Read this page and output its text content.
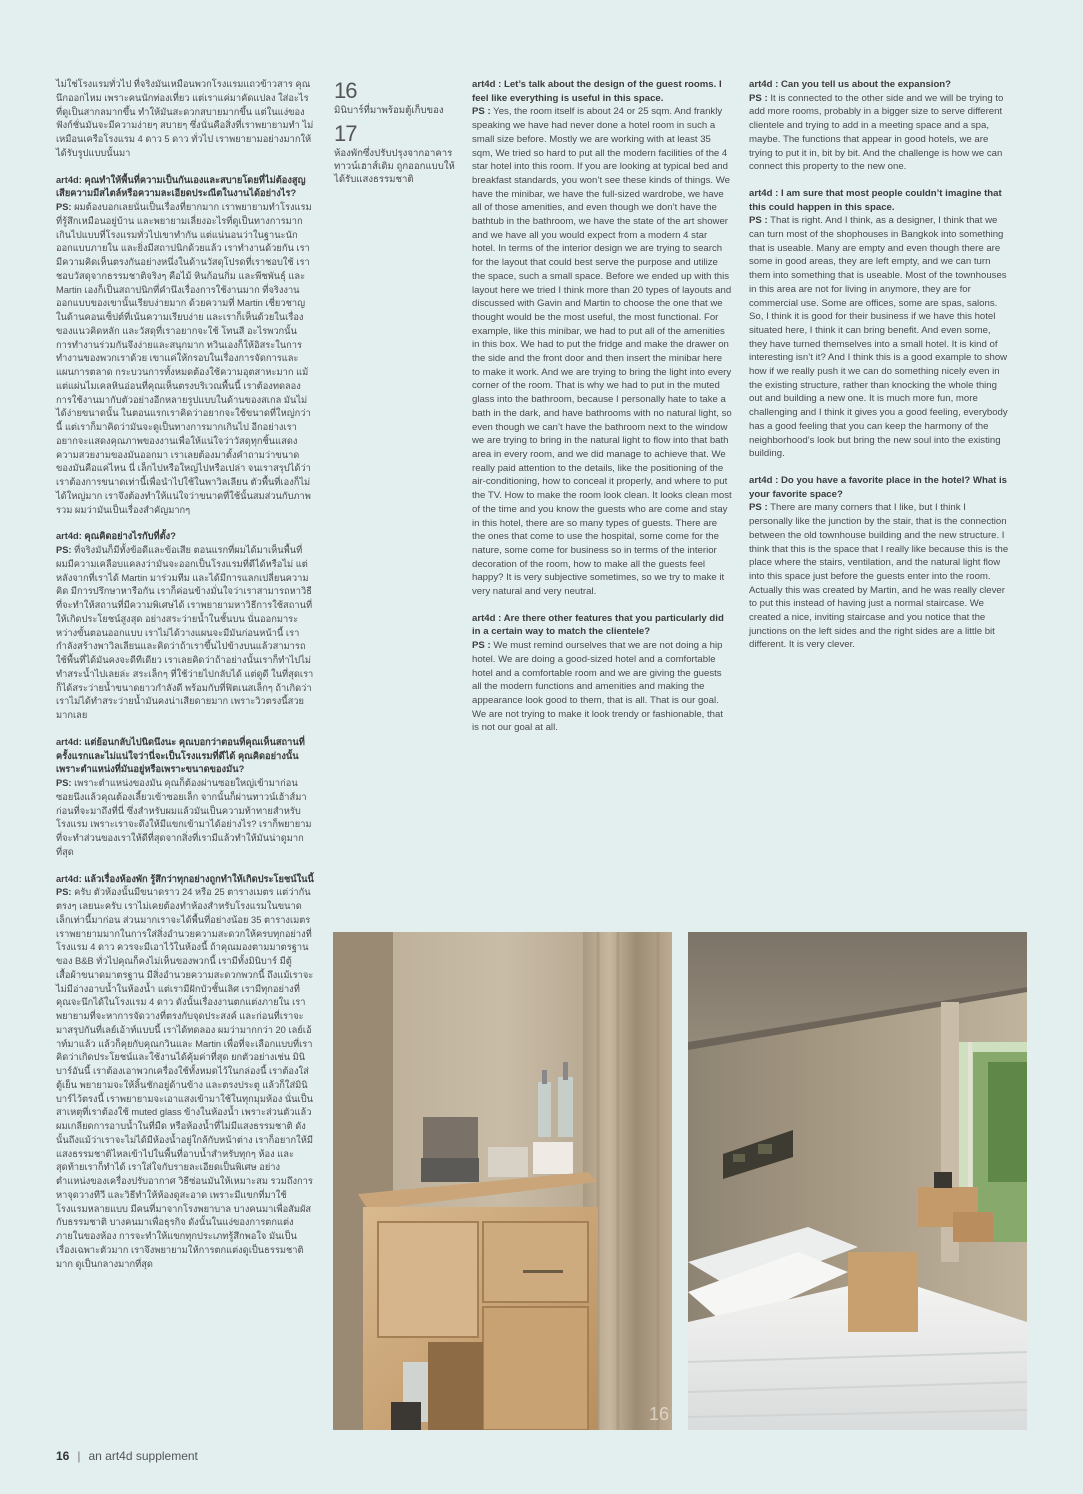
ไม่ใช่โรงแรมทั่วไป ที่จริงมันเหมือนพวกโรงแรมแถวข้าวสาร คุณนึกออกไหม เพราะคนนักท่องเที่ยว แต่เราแค่มาคัดแปลง ใส่อะไรที่ดูเป็นสากลมากขึ้น ทำให้มันสะดวกสบายมากขึ้น แต่ในแง่ของฟังก์ชั่นมันจะมีความง่ายๆ สบายๆ ซึ่งนั่นคือสิ่งที่เราพยายามทำ ไม่เหมือนเครือโรงแรม 4 ดาว 5 ดาว ทั่วไป เราพยายามอย่างมากให้ได้รับรูปแบบนั้นมา

art4d: คุณทำให้พื้นที่ความเป็นกันเองและสบายโดยที่ไม่ต้องสูญเสียความมีสไตล์หรือความละเอียดประณีตในงานได้อย่างไร?
PS: ผมต้องบอกเลยนั่นเป็นเรื่องที่ยากมาก เราพยายามทำโรงแรมที่รู้สึกเหมือนอยู่บ้าน และพยายามเลี่ยงอะไรที่ดูเป็นทางการมากเกินไปแบบที่โรงแรมทั่วไปเขาทำกัน แต่แน่นอนว่าในฐานะนักออกแบบภายใน และยิ่งมีสถาปนิกด้วยแล้ว เราทำงานด้วยกัน เรามีความคิดเห็นตรงกันอย่างหนึ่งในด้านวัสดุโปรดที่เราชอบใช้ เราชอบวัสดุจากธรรมชาติจริงๆ คือไม้ หินก้อนกิ่ม และพีชพันธุ์ และ Martin เองก็เป็นสถาปนิกที่คำนึงเรื่องการใช้งานมาก ที่จริงงานออกแบบของเขานั้นเรียบง่ายมาก ด้วยความที่ Martin เชี่ยวชาญในด้านคอนเซ็ปต์ที่เน้นความเรียบง่าย และเราก็เห็นด้วยในเรื่องของแนวคิดหลัก และวัสดุที่เราอยากจะใช้ โทนสี อะไรพวกนั้น การทำงานร่วมกันจึงง่ายและสนุกมาก ทวินเองก็ให้อิสระในการทำงานของพวกเราด้วย เขาแค่ให้กรอบในเรื่องการจัดการและแผนการตลาด กระบวนการทั้งหมดต้องใช้ความอุตสาหะมาก แม้แต่แผ่นไมเคลหินอ่อนที่คุณเห็นตรงบริเวณพื้นนี้ เราต้องทดลองการใช้งานมากับตัวอย่างอีกหลายรูปแบบในด้านของสเกล มันไม่ได้ง่ายขนาดนั้น ในตอนแรกเราคิดว่าอยากจะใช้ขนาดที่ใหญ่กว่านี้ แต่เราก็มาคิดว่ามันจะดูเป็นทางการมากเกินไป อีกอย่างเราอยากจะแสดงคุณภาพของงานเพื่อให้แน่ใจว่าวัสดุทุกชิ้นแสดงความสวยงามของมันออกมา เราเลยต้องมาตั้งคำถามว่าขนาดของมันคือแค่ไหน นี่ เล็กไปหรือใหญ่ไปหรือเปล่า จนเราสรุปได้ว่าเราต้องการขนาดเท่านี้เพื่อนำไปใช้ในพาวิลเลียน ตัวพื้นที่เองก็ไม่ได้ใหญ่มาก เราจึงต้องทำให้แน่ใจว่าขนาดที่ใช้นั้นสมส่วนกับภาพรวม ผมว่ามันเป็นเรื่องสำคัญมากๆ

art4d: คุณคิดอย่างไรกับที่ตั้ง?
PS: ที่จริงมันก็มีทั้งข้อดีและข้อเสีย ตอนแรกที่ผมได้มาเห็นพื้นที่ ผมมีความเคลือบแคลงว่ามันจะออกเป็นโรงแรมที่ดีได้หรือไม่ แต่หลังจากที่เราได้ Martin มาร่วมทีม และได้มีการแลกเปลี่ยนความคิด มีการปรึกษาหารือกัน เราก็ค่อนข้างมั่นใจว่าเราสามารถหาวิธีที่จะทำให้สถานที่มีความพิเศษได้ เราพยายามหาวิธีการใช้สถานที่ให้เกิดประโยชน์สูงสุด อย่างสระว่ายน้ำในชั้นบน นั่นออกมาระหว่างขั้นตอนออกแบบ เราไม่ได้วางแผนจะมีมันก่อนหน้านี้ เรากำลังสร้างพาวิลเลียนและคิดว่าถ้าเราขึ้นไปข้างบนแล้วสามารถใช้พื้นที่ได้มันคงจะดีทีเดียว เราเลยคิดว่าถ้าอย่างนั้นเราก็ทำไปไม่ทำสระน้ำไปเลยล่ะ สระเล็กๆ ที่ใช้ว่ายไปกลับได้ แต่ดูดี ในที่สุดเราก็ได้สระว่ายน้ำขนาดยาวกำลังดี พร้อมกับที่ฟิตเนสเล็กๆ ถ้าเกิดว่าเราไม่ได้ทำสระว่ายน้ำมันคงน่าเสียดายมาก เพราะวิวตรงนี้สวยมากเลย

art4d: แต่ย้อนกลับไปนิดนึงนะ คุณบอกว่าตอนที่คุณเห็นสถานที่ครั้งแรกและไม่แน่ใจว่านี่จะเป็นโรงแรมที่ดีได้ คุณคิดอย่างนั้นเพราะตำแหน่งที่มันอยู่หรือเพราะขนาดของมัน?
PS: เพราะตำแหน่งของมัน คุณก็ต้องผ่านซอยใหญ่เข้ามาก่อน ซอยนึงแล้วคุณต้องเลี้ยวเข้าซอยเล็ก จากนั้นก็ผ่านทาวน์เฮ้าส์มาก่อนที่จะมาถึงที่นี่ ซึ่งสำหรับผมแล้วมันเป็นความท้าทายสำหรับโรงแรม เพราะเราจะดึงให้มีแขกเข้ามาได้อย่างไร? เราก็พยายามที่จะทำส่วนของเราให้ดีที่สุดจากสิ่งที่เรามีแล้วทำให้มันน่าดูมากที่สุด

art4d: แล้วเรื่องห้องพัก รู้สึกว่าทุกอย่างถูกทำให้เกิดประโยชน์ในนี้
PS: ครับ ตัวห้องนั้นมีขนาดราว 24 หรือ 25 ตารางเมตร แต่ว่ากันตรงๆ เลยนะครับ เราไม่เคยต้องทำห้องสำหรับโรงแรมในขนาดเล็กเท่านี้มาก่อน ส่วนมากเราจะได้พื้นที่อย่างน้อย 35 ตารางเมตร เราพยายามมากในการใส่สิ่งอำนวยความสะดวกให้ครบทุกอย่างที่โรงแรม 4 ดาว ควรจะมีเอาไว้ในห้องนี้ ถ้าคุณมองตามมาตรฐานของ B&B ทั่วไปคุณก็คงไม่เห็นของพวกนี้ เรามีทั้งมินิบาร์ มีตู้เสื้อผ้าขนาดมาตรฐาน มีสิ่งอำนวยความสะดวกพวกนี้ ถึงแม้เราจะไม่มีอ่างอาบน้ำในห้องน้ำ แต่เรามีฝักบัวชั้นเลิศ เรามีทุกอย่างที่คุณจะนึกได้ในโรงแรม 4 ดาว ดังนั้นเรื่องงานตกแต่งภายใน เราพยายามที่จะหาการจัดวางที่ตรงกับจุดประสงค์ และก่อนที่เราจะมาสรุปกันที่เลย์เอ้าท์แบบนี้ เราได้ทดลอง ผมว่ามากกว่า 20 เลย์เอ้าท์มาแล้ว แล้วก็คุยกับคุณกวินและ Martin เพื่อที่จะเลือกแบบที่เราคิดว่าเกิดประโยชน์และใช้งานได้คุ้มค่าที่สุด ยกตัวอย่างเช่น มินิบาร์อันนี้ เราต้องเอาพวกเครื่องใช้ทั้งหมดไว้ในกล่องนี้ เราต้องใส่ตู้เย็น พยายามจะให้ลิ้นชักอยู่ด้านข้าง และตรงประตู แล้วก็ใส่มินิบาร์ไว้ตรงนี้ เราพยายามจะเอาแสงเข้ามาใช้ในทุกมุมห้อง นั่นเป็นสาเหตุที่เราต้องใช้ muted glass ข้างในห้องน้ำ เพราะส่วนตัวแล้วผมเกลียดการอาบน้ำในที่มืด หรือห้องน้ำที่ไม่มีแสงธรรมชาติ ดังนั้นถึงแม้ว่าเราจะไม่ได้มีห้องน้ำอยู่ใกล้กับหน้าต่าง เราก็อยากให้มีแสงธรรมชาติไหลเข้าไปในพื้นที่อาบน้ำสำหรับทุกๆ ห้อง และสุดท้ายเราก็ทำได้ เราใส่ใจกับรายละเอียดเป็นพิเศษ อย่างตำแหน่งของเครื่องปรับอากาศ วิธีซ่อนมันให้เหมาะสม รวมถึงการหาจุดวางทีวี และวิธีทำให้ห้องดูสะอาด เพราะมีแขกที่มาใช้โรงแรมหลายแบบ มีคนที่มาจากโรงพยาบาล บางคนมาเพื่อสัมผัสกับธรรมชาติ บางคนมาเพื่อธุรกิจ ดังนั้นในแง่ของการตกแต่งภายในของห้อง การจะทำให้แขกทุกประเภทรู้สึกพอใจ มันเป็นเรื่องเฉพาะตัวมาก เราจึงพยายามให้การตกแต่งดูเป็นธรรมชาติมาก ดูเป็นกลางมากที่สุด

16
มินิบาร์ที่มาพร้อมตู้เก็บของ
17
ห้องพักซึ่งปรับปรุงจากอาคารทาวน์เฮาส์เดิม ถูกออกแบบให้ได้รับแสงธรรมชาติ

art4d : Let’s talk about the design of the guest rooms. I feel like everything is useful in this space.
PS : Yes, the room itself is about 24 or 25 sqm. And frankly speaking we have had never done a hotel room in such a small size before. Mostly we are working with at least 35 sqm, We tried so hard to put all the modern facilities of the 4 star hotel into this room. If you are looking at typical bed and breakfast standards, you won’t see these kinds of things. We have the minibar, we have the full-sized wardrobe, we have all of those amenities, and even though we don’t have the bathtub in the bathroom, we have the state of the art shower and we have all you would expect from a modern 4 star hotel. In terms of the interior design we are trying to search for the layout that could best serve the purpose and utilize the space, such a small space. Before we ended up with this layout here we tried I think more than 20 types of layouts and discussed with Gavin and Martin to choose the one that we thought would be the most useful, the most functional. For example, like this minibar, we had to put all of the amenities in this box. We had to put the fridge and make the drawer on the side and the front door and then insert the minibar here to make it work. And we are trying to bring the light into every corner of the room. That is why we had to put in the muted glass into the bathroom, because I personally hate to take a bath in the dark, and have bathrooms with no natural light, so even though we can’t have the bathroom next to the window we are trying to bring in the natural light to flow into that bath area in every room, and we did manage to achieve that. We really paid attention to the details, like the positioning of the air-conditioning, how to conceal it properly, and where to put the TV. How to make the room look clean. It looks clean most of the time and you know the guests who are come and stay in this hotel, there are so many types of guests. There are the ones that come to use the hospital, some come for the nature, some come for business so in terms of the interior decoration of the room, how to make all the guests feel happy? It is very subjective sometimes, so we try to make it very natural and very neutral.

art4d : Are there other features that you particularly did in a certain way to match the clientele?
PS : We must remind ourselves that we are not doing a hip hotel. We are doing a good-sized hotel and a comfortable hotel and a comfortable room and we are giving the guests all the modern functions and amenities and making the appearance look good to them, that is all. That is our goal. We are not trying to make it look trendy or fashionable, that is not our goal at all.

art4d : Can you tell us about the expansion?
PS : It is connected to the other side and we will be trying to add more rooms, probably in a bigger size to serve different clientele and trying to add in a meeting space and a spa, maybe. The functions that appear in good hotels, we are trying to put it in, bit by bit. And the challenge is how we can connect this property to the new one.

art4d : I am sure that most people couldn’t imagine that this could happen in this space.
PS : That is right. And I think, as a designer, I think that we can turn most of the shophouses in Bangkok into something that is useable. Many are empty and even though there are some in good areas, they are left empty, and we can turn them into something that is useable. Most of the townhouses in this area are not for living in anymore, they are for commercial use. Some are offices, some are spas, salons. So, I think it is good for their business if we have this hotel situated here, I think it can bring benefit. And even some, they have turned themselves into a small hotel. It is kind of interesting isn’t it? And I think this is a good example to show how if we really push it we can do something nicely even in the existing structure, rather than knocking the whole thing out and building a new one. It is much more fun, more challenging and I think it gives you a good feeling, everybody has a good feeling that you can keep the harmony of the neighborhood’s look but bring the new soul into the existing building.

art4d : Do you have a favorite place in the hotel? What is your favorite space?
PS : There are many corners that I like, but I think I personally like the junction by the stair, that is the connection between the old townhouse building and the new structure. I think that this is the space that I really like because this is the place where the stairs, ventilation, and the natural light flow into this space just before the guests enter into the room. Actually this was created by Martin, and he was really clever to put this instead of having just a normal staircase. We created a nice, inviting staircase and you notice that the junctions on the left sides and the right sides are a little bit different. It is very clever.

16
16 | an art4d supplement
